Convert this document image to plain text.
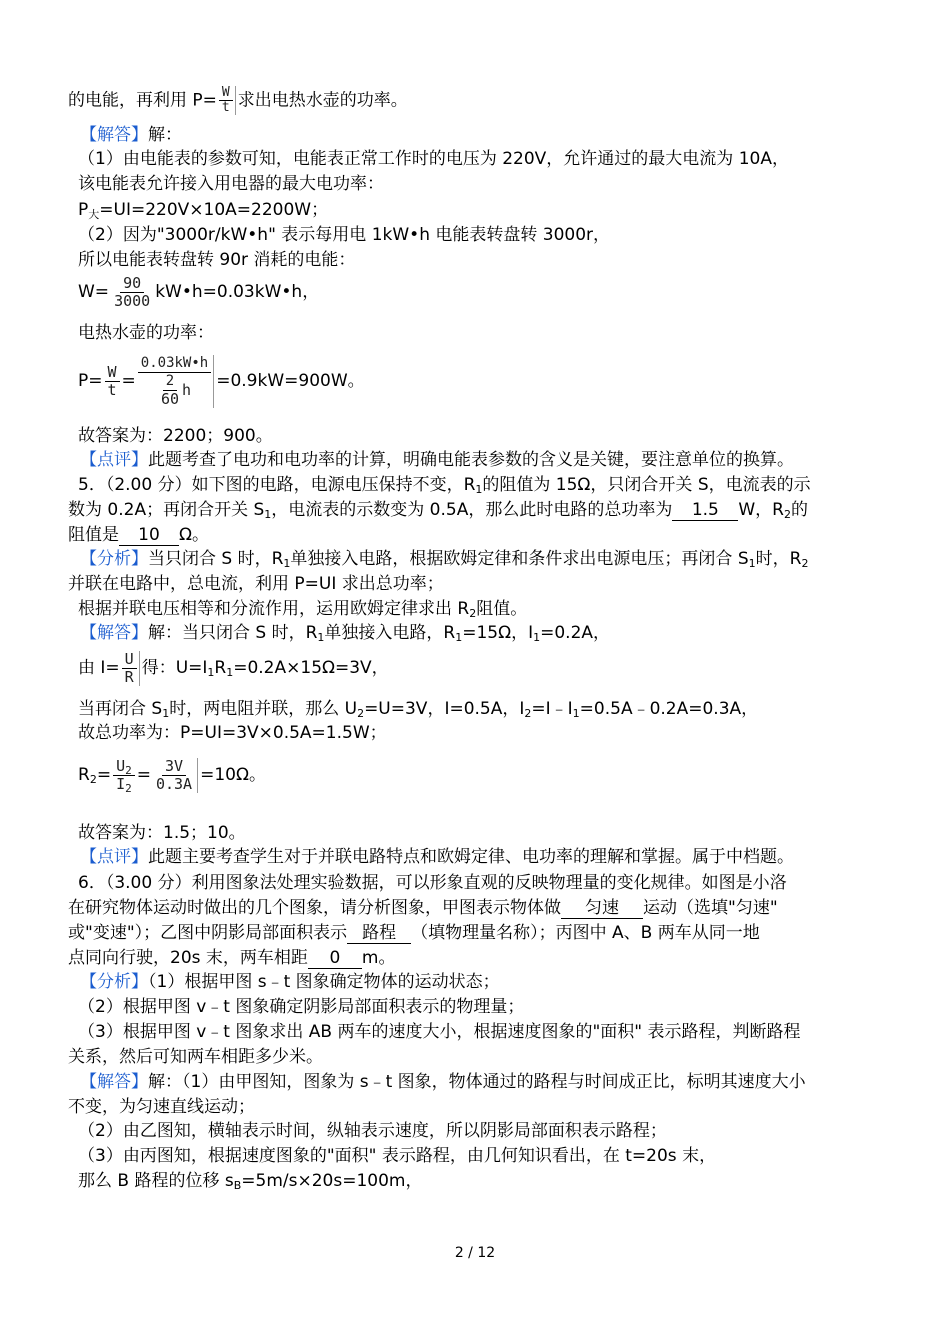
的电能，再利用 $P= \frac{W}{t}$ 求出电热水壶的功率。
【解答】解：
（1）由电能表的参数可知，电能表正常工作时的电压为 220V，允许通过的最大电流为 10A，
该电能表允许接入用电器的最大电功率：
$P_大=UI=220V\times 10A=2200W$；
（2）因为"3000r/kW•h" 表示每用电 1kW•h 电能表转盘转 3000r，
所以电能表转盘转 90r 消耗的电能：
$W= \frac{90}{3000}$ kW•h=0.03kW•h，
电热水壶的功率：
$P= \frac{W}{t} = \frac{0.03kW•h}{\frac{2}{60} h} =0.9kW=900W$。
故答案为：2200；900。
【点评】此题考查了电功和电功率的计算，明确电能表参数的含义是关键，要注意单位的换算。
5．（2.00 分）如下图的电路，电源电压保持不变，$R_1$的阻值为 15Ω，只闭合开关 S，电流表的示
数为 0.2A；再闭合开关 $S_1$，电流表的示数变为 0.5A，那么此时电路的总功率为 1.5 W，$R_2$的
阻值是 10 Ω。
【分析】当只闭合 S 时，$R_1$单独接入电路，根据欧姆定律和条件求出电源电压；再闭合 $S_1$时，$R_2$
并联在电路中，总电流，利用 P=UI 求出总功率；
根据并联电压相等和分流作用，运用欧姆定律求出 $R_2$阻值。
【解答】解：当只闭合 S 时，$R_1$单独接入电路，$R_1=15\Omega$，$I_1=0.2A$，
由 $I= \frac{U}{R}$ 得：$U=I_1R_1=0.2A\times 15\Omega=3V$，
当再闭合 $S_1$时，两电阻并联，那么 $U_2=U=3V$，I=0.5A，$I_2=I﹣I_1=0.5A﹣0.2A=0.3A$，
故总功率为：P=UI=3V×0.5A=1.5W；
$R_2= \frac{U_2}{I_2} = \frac{3V}{0.3A} =10\Omega$。
故答案为：1.5；10。
【点评】此题主要考查学生对于并联电路特点和欧姆定律、电功率的理解和掌握。属于中档题。
6．（3.00 分）利用图象法处理实验数据，可以形象直观的反映物理量的变化规律。如图是小洛
在研究物体运动时做出的几个图象，请分析图象，甲图表示物体做 匀速 运动（选填"匀速"
或"变速"）；乙图中阴影局部面积表示 路程 （填物理量名称）；丙图中 A、B 两车从同一地
点同向行驶，20s 末，两车相距 0 m。
【分析】（1）根据甲图 s﹣t 图象确定物体的运动状态；
（2）根据甲图 v﹣t 图象确定阴影局部面积表示的物理量；
（3）根据甲图 v﹣t 图象求出 AB 两车的速度大小，根据速度图象的"面积" 表示路程，判断路程
关系，然后可知两车相距多少米。
【解答】解：（1）由甲图知，图象为 s﹣t 图象，物体通过的路程与时间成正比，标明其速度大小
不变，为匀速直线运动；
（2）由乙图知，横轴表示时间，纵轴表示速度，所以阴影局部面积表示路程；
（3）由丙图知，根据速度图象的"面积" 表示路程，由几何知识看出，在 t=20s 末，
那么 B 路程的位移 $s_B=5m/s\times 20s=100m$，
2 / 12
